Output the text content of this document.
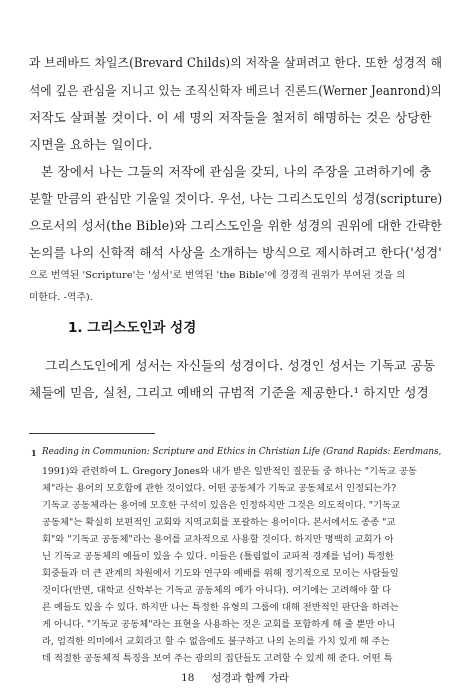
과 브레바드 차일즈(Brevard Childs)의 저작을 살펴려고 한다. 또한 성경적 해
석에 깊은 관심을 지니고 있는 조직신학자 베르너 진론드(Werner Jeanrond)의
저작도 살펴볼 것이다. 이 세 명의 저작들을 철저히 해명하는 것은 상당한
지면을 요하는 일이다.
본 장에서 나는 그들의 저작에 관심을 갖되, 나의 주장을 고려하기에 충
분할 만큼의 관심만 기울일 것이다. 우선, 나는 그리스도인의 성경(scripture)
으로서의 성서(the Bible)와 그리스도인을 위한 성경의 권위에 대한 간략한
논의를 나의 신학적 해석 사상을 소개하는 방식으로 제시하려고 한다('성경'
으로 번역된 'Scripture'는 '성서'로 번역된 'the Bible'에 경경적 권위가 부여된 것을 의
미한다. -역주).
1. 그리스도인과 성경
그리스도인에게 성서는 자신들의 성경이다. 성경인 성서는 기독교 공동
체들에 믿음, 실천, 그리고 예배의 규범적 기준을 제공한다.¹ 하지만 성경
1 Reading in Communion: Scripture and Ethics in Christian Life (Grand Rapids: Eerdmans,
1991)와 관련하여 L. Gregory Jones와 내가 받은 일반적인 질문들 중 하나는 "기독교 공동
체"라는 용어의 모호함에 관한 것이었다. 어떤 공동체가 기독교 공동체로서 인정되는가?
기독교 공동체라는 용어에 모호한 구석이 있음은 인정하지만 그것은 의도적이다. "기독교
공동체"는 확실히 보편적인 교회와 지역교회를 포괄하는 용어이다. 본서에서도 종종 "교
회"와 "기독교 공동체"라는 용어를 교차적으로 사용할 것이다. 하지만 명백히 교회가 아
닌 기독교 공동체의 예들이 있을 수 있다. 이들은 (틀림없이 교파적 경계를 넘어) 특정한
회중들과 더 큰 관계의 차원에서 기도와 연구와 예배를 위해 정기적으로 모이는 사람들일
것이다(반면, 대학교 신학부는 기독교 공동체의 예가 아니다). 여기에는 고려해야 할 다
른 예들도 있을 수 있다. 하지만 나는 특정한 유형의 그룹에 대해 전반적인 판단을 하려는
게 아니다. "기독교 공동체"라는 표현을 사용하는 것은 교회를 포함하게 해 줄 뿐만 아니
라, 엄격한 의미에서 교회라고 할 수 없음에도 불구하고 나의 논의를 가치 있게 해 주는
데 적절한 공동체적 특징을 보여 주는 광의의 집단들도 고려할 수 있게 해 준다. 어떤 특
18 성경과 함께 가라
